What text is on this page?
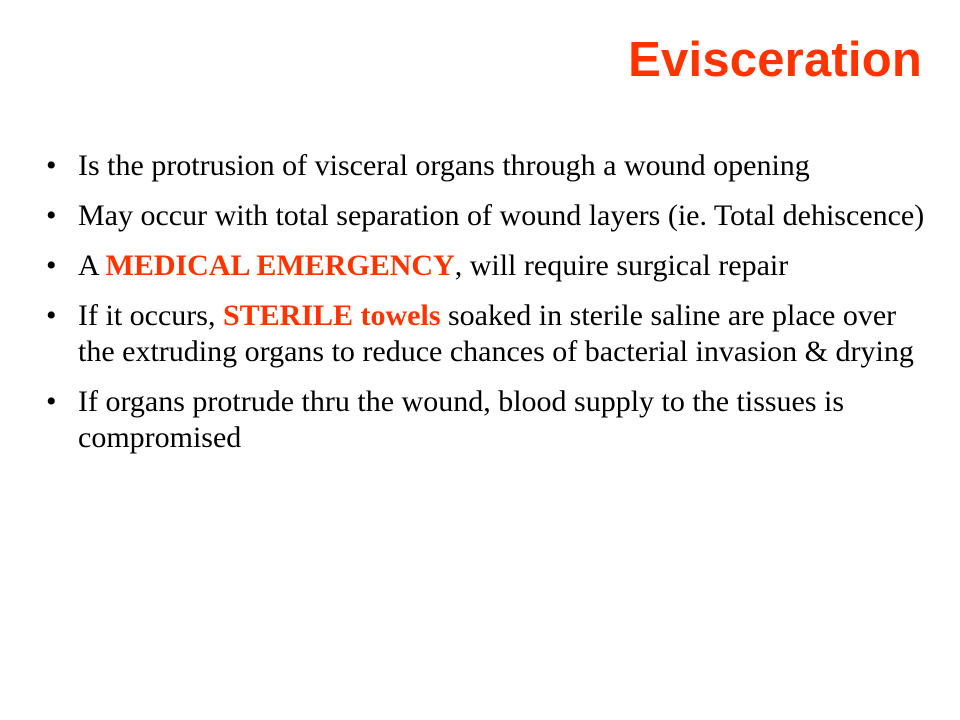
Evisceration
• Is the protrusion of visceral organs through a wound opening
• May occur with total separation of wound layers (ie. Total dehiscence)
• A MEDICAL EMERGENCY, will require surgical repair
• If it occurs, STERILE towels soaked in sterile saline are place over the extruding organs to reduce chances of bacterial invasion & drying
• If organs protrude thru the wound, blood supply to the tissues is compromised
